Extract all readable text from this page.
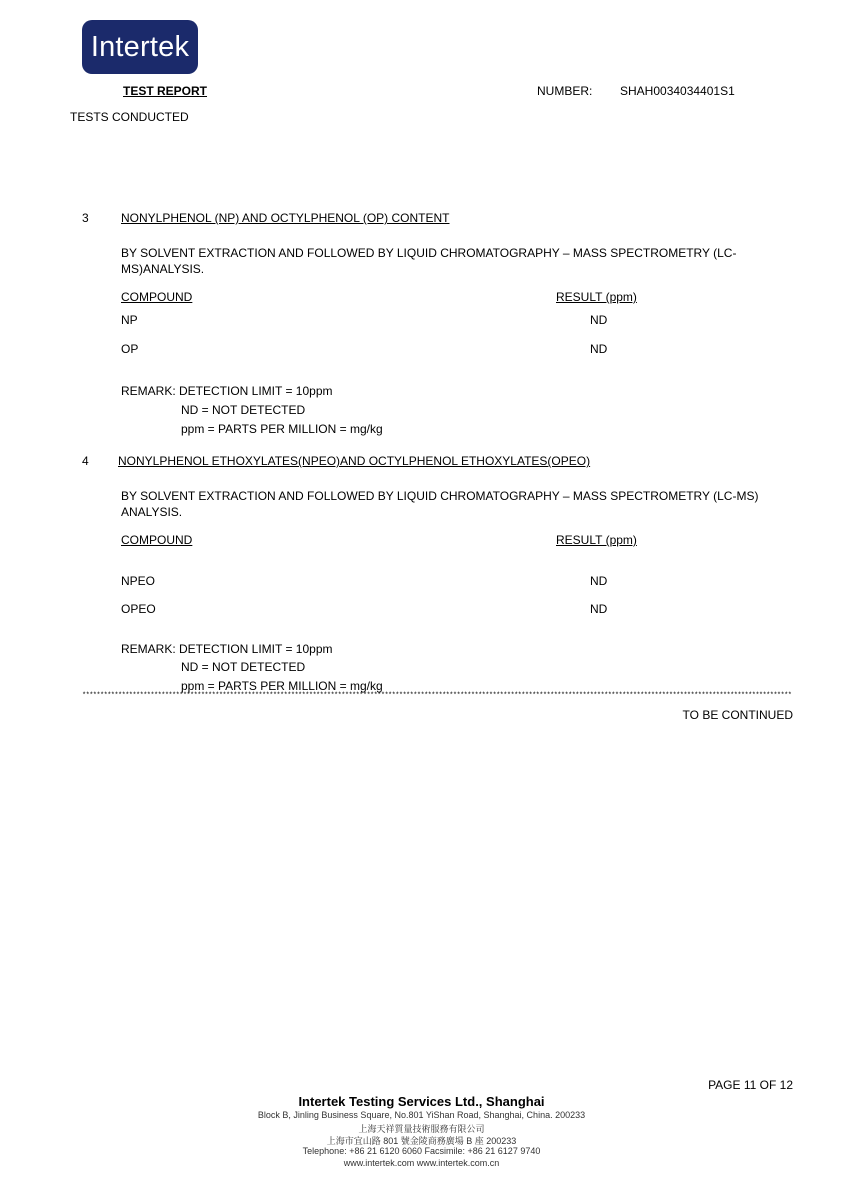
Intertek
TEST REPORT	NUMBER: SHAH0034034401S1
TESTS CONDUCTED
3	NONYLPHENOL (NP) AND OCTYLPHENOL (OP) CONTENT
BY SOLVENT EXTRACTION AND FOLLOWED BY LIQUID CHROMATOGRAPHY – MASS SPECTROMETRY (LC-MS)ANALYSIS.
COMPOUND	RESULT (ppm)
NP	ND
OP	ND
REMARK: DETECTION LIMIT = 10ppm
ND = NOT DETECTED
ppm = PARTS PER MILLION = mg/kg
4 NONYLPHENOL ETHOXYLATES(NPEO)AND OCTYLPHENOL ETHOXYLATES(OPEO)
BY SOLVENT EXTRACTION AND FOLLOWED BY LIQUID CHROMATOGRAPHY – MASS SPECTROMETRY (LC-MS) ANALYSIS.
COMPOUND	RESULT (ppm)
NPEO	ND
OPEO	ND
REMARK: DETECTION LIMIT = 10ppm
ND = NOT DETECTED
ppm = PARTS PER MILLION = mg/kg
*****************************************************************************************************************************************************************************************************
TO BE CONTINUED
PAGE 11 OF 12
Intertek Testing Services Ltd., Shanghai
Block B, Jinling Business Square, No.801 YiShan Road, Shanghai, China. 200233
上海天祥質量技術服務有限公司
上海市宜山路 801 號金陵商務廣場 B 座 200233
Telephone: +86 21 6120 6060 Facsimile: +86 21 6127 9740
www.intertek.com www.intertek.com.cn
